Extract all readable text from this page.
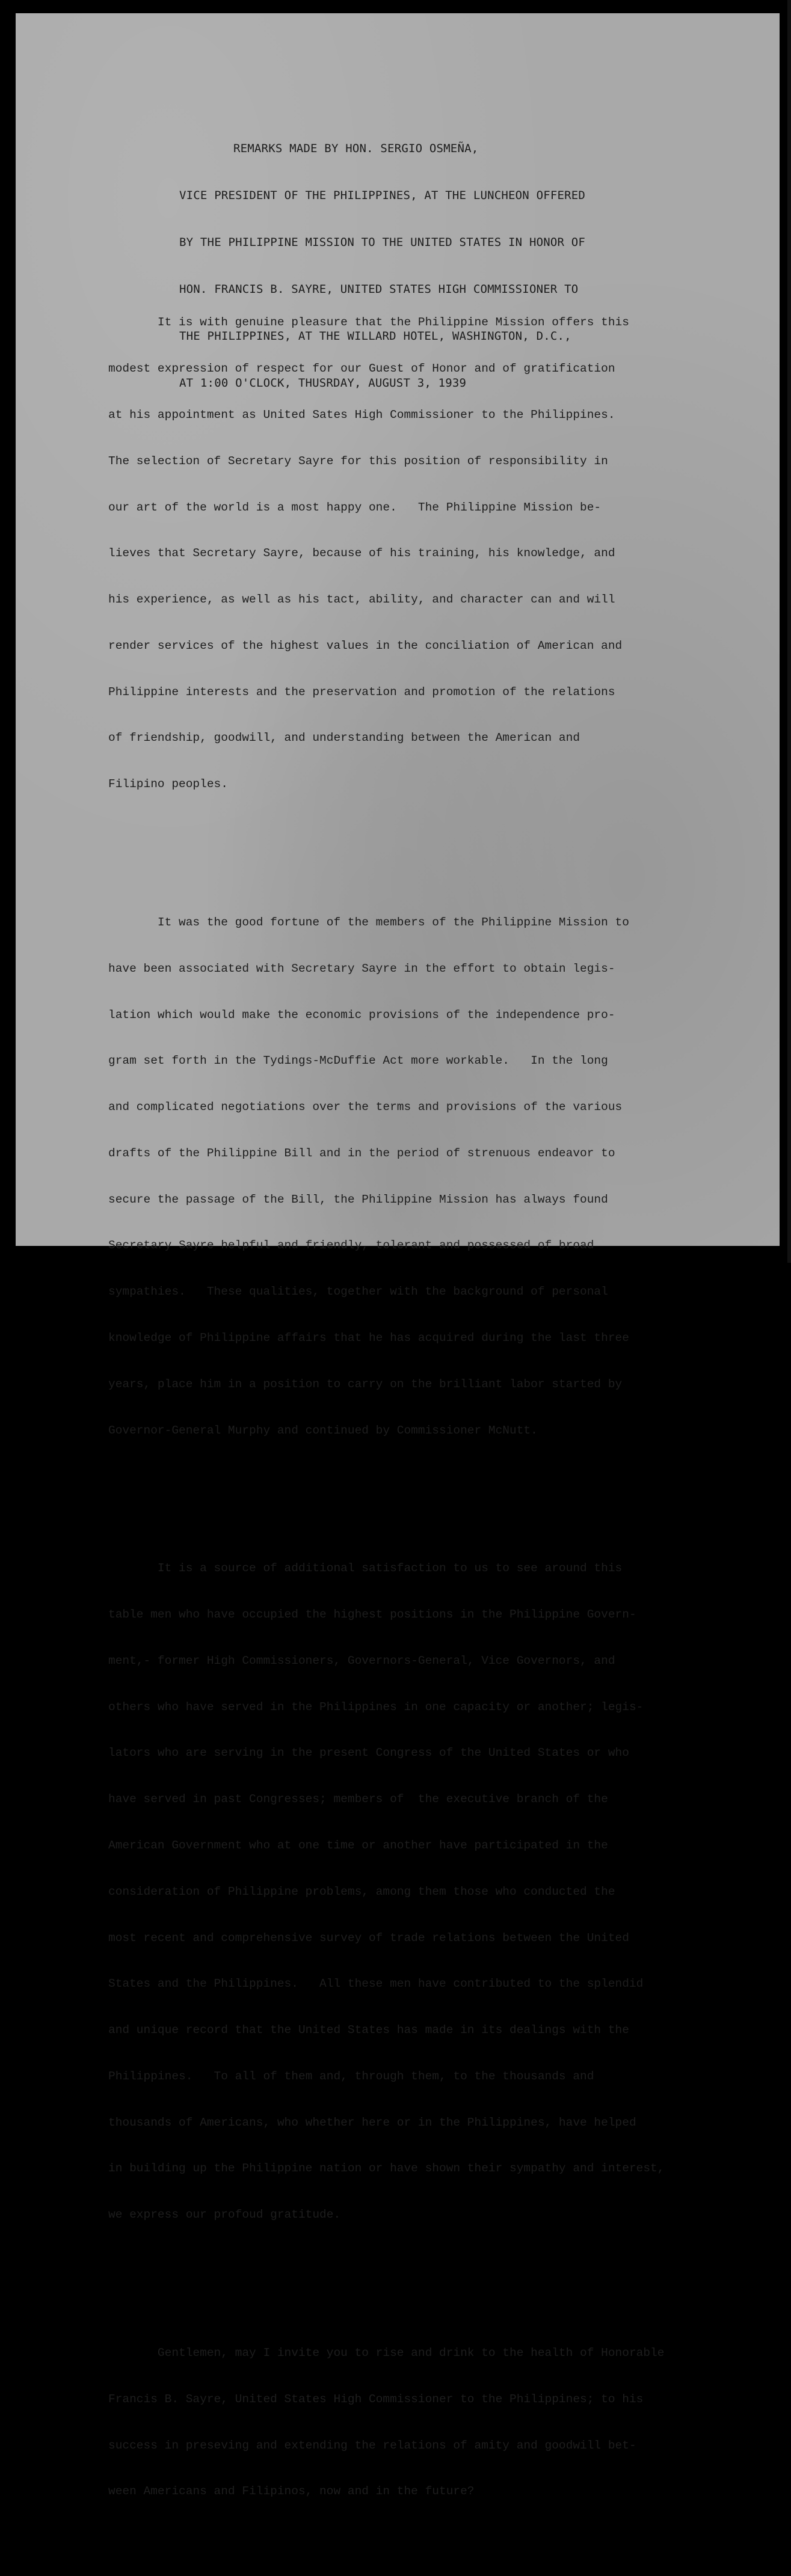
REMARKS MADE BY HON. SERGIO OSMEÑA,

VICE PRESIDENT OF THE PHILIPPINES, AT THE LUNCHEON OFFERED

BY THE PHILIPPINE MISSION TO THE UNITED STATES IN HONOR OF

HON. FRANCIS B. SAYRE, UNITED STATES HIGH COMMISSIONER TO

THE PHILIPPINES, AT THE WILLARD HOTEL, WASHINGTON, D.C.,

AT 1:00 O'CLOCK, THUSRDAY, AUGUST 3, 1939

It is with genuine pleasure that the Philippine Mission offers this

modest expression of respect for our Guest of Honor and of gratification

at his appointment as United Sates High Commissioner to the Philippines.

The selection of Secretary Sayre for this position of responsibility in

our art of the world is a most happy one.   The Philippine Mission be-

lieves that Secretary Sayre, because of his training, his knowledge, and

his experience, as well as his tact, ability, and character can and will

render services of the highest values in the conciliation of American and

Philippine interests and the preservation and promotion of the relations

of friendship, goodwill, and understanding between the American and

Filipino peoples.

It was the good fortune of the members of the Philippine Mission to

have been associated with Secretary Sayre in the effort to obtain legis-

lation which would make the economic provisions of the independence pro-

gram set forth in the Tydings-McDuffie Act more workable.   In the long

and complicated negotiations over the terms and provisions of the various

drafts of the Philippine Bill and in the period of strenuous endeavor to

secure the passage of the Bill, the Philippine Mission has always found

Secretary Sayre helpful and friendly, tolerant and possessed of broad

sympathies.   These qualities, together with the background of personal

knowledge of Philippine affairs that he has acquired during the last three

years, place him in a position to carry on the brilliant labor started by

Governor-General Murphy and continued by Commissioner McNutt.

It is a source of additional satisfaction to us to see around this

table men who have occupied the highest positions in the Philippine Govern-

ment,- former High Commissioners, Governors-General, Vice Governors, and

others who have served in the Philippines in one capacity or another; legis-

lators who are serving in the present Congress of the United States or who

have served in past Congresses; members of  the executive branch of the

American Government who at one time or another have participated in the

consideration of Philippine problems, among them those who conducted the

most recent and comprehensive survey of trade relations between the United

States and the Philippines.   All these men have contributed to the splendid

and unique record that the United States has made in its dealings with the

Philippines.   To all of them and, through them, to the thousands and

thousands of Americans, who whether here or in the Philippines, have helped

in building up the Philippine nation or have shown their sympathy and interest,

we express our profoud gratitude.

Gentlemen, may I invite you to rise and drink to the health of Honorable

Francis B. Sayre, United States High Commissioner to the Philippines; to his

success in preseving and extending the relations of amity and goodwill bet-

ween Americans and Filipinos, now and in the future?
